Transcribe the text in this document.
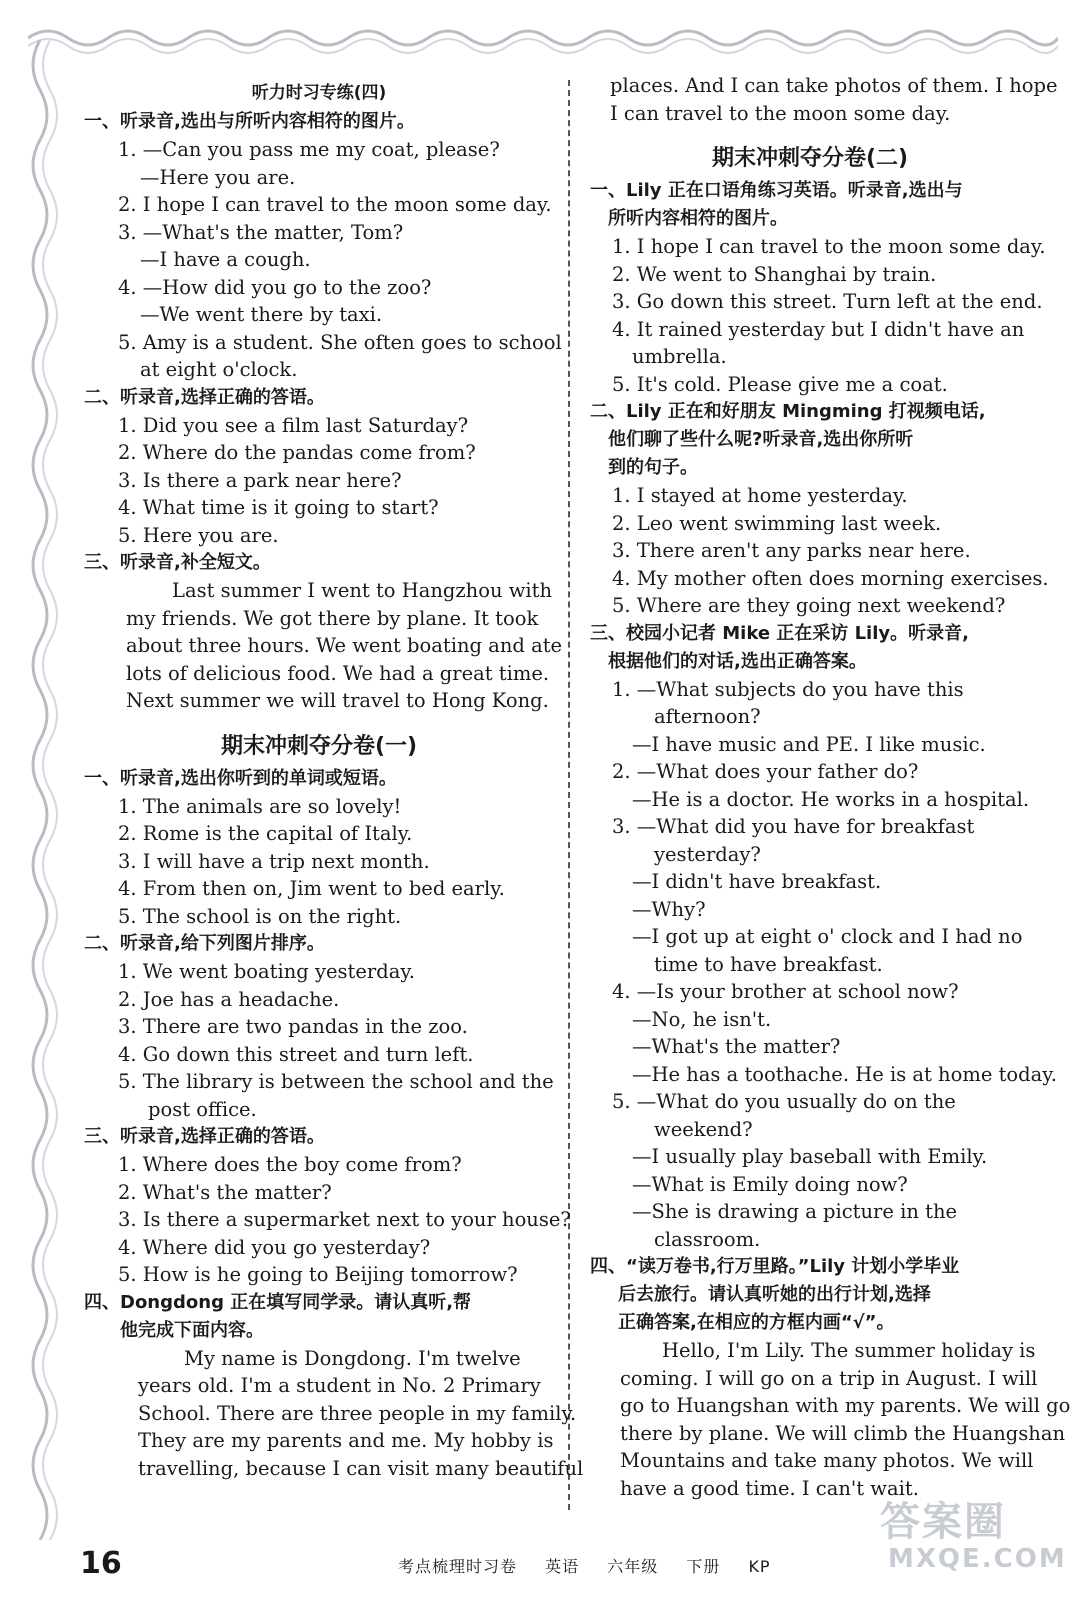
听力时习专练(四)
一、听录音,选出与所听内容相符的图片。
1. —Can you pass me my coat, please?
—Here you are.
2. I hope I can travel to the moon some day.
3. —What's the matter, Tom?
—I have a cough.
4. —How did you go to the zoo?
—We went there by taxi.
5. Amy is a student. She often goes to school
at eight o'clock.
二、听录音,选择正确的答语。
1. Did you see a film last Saturday?
2. Where do the pandas come from?
3. Is there a park near here?
4. What time is it going to start?
5. Here you are.
三、听录音,补全短文。
Last summer I went to Hangzhou with
my friends. We got there by plane. It took
about three hours. We went boating and ate
lots of delicious food. We had a great time.
Next summer we will travel to Hong Kong.
期末冲刺夺分卷(一)
一、听录音,选出你听到的单词或短语。
1. The animals are so lovely!
2. Rome is the capital of Italy.
3. I will have a trip next month.
4. From then on, Jim went to bed early.
5. The school is on the right.
二、听录音,给下列图片排序。
1. We went boating yesterday.
2. Joe has a headache.
3. There are two pandas in the zoo.
4. Go down this street and turn left.
5. The library is between the school and the
post office.
三、听录音,选择正确的答语。
1. Where does the boy come from?
2. What's the matter?
3. Is there a supermarket next to your house?
4. Where did you go yesterday?
5. How is he going to Beijing tomorrow?
四、Dongdong 正在填写同学录。请认真听,帮
他完成下面内容。
My name is Dongdong. I'm twelve
years old. I'm a student in No. 2 Primary
School. There are three people in my family.
They are my parents and me. My hobby is
travelling, because I can visit many beautiful
places. And I can take photos of them. I hope
I can travel to the moon some day.
期末冲刺夺分卷(二)
一、Lily 正在口语角练习英语。听录音,选出与
所听内容相符的图片。
1. I hope I can travel to the moon some day.
2. We went to Shanghai by train.
3. Go down this street. Turn left at the end.
4. It rained yesterday but I didn't have an
umbrella.
5. It's cold. Please give me a coat.
二、Lily 正在和好朋友 Mingming 打视频电话,
他们聊了些什么呢?听录音,选出你所听
到的句子。
1. I stayed at home yesterday.
2. Leo went swimming last week.
3. There aren't any parks near here.
4. My mother often does morning exercises.
5. Where are they going next weekend?
三、校园小记者 Mike 正在采访 Lily。听录音,
根据他们的对话,选出正确答案。
1. —What subjects do you have this
afternoon?
—I have music and PE. I like music.
2. —What does your father do?
—He is a doctor. He works in a hospital.
3. —What did you have for breakfast
yesterday?
—I didn't have breakfast.
—Why?
—I got up at eight o' clock and I had no
time to have breakfast.
4. —Is your brother at school now?
—No, he isn't.
—What's the matter?
—He has a toothache. He is at home today.
5. —What do you usually do on the
weekend?
—I usually play baseball with Emily.
—What is Emily doing now?
—She is drawing a picture in the
classroom.
四、“读万卷书,行万里路。”Lily 计划小学毕业
后去旅行。请认真听她的出行计划,选择
正确答案,在相应的方框内画“√”。
Hello, I'm Lily. The summer holiday is
coming. I will go on a trip in August. I will
go to Huangshan with my parents. We will go
there by plane. We will climb the Huangshan
Mountains and take many photos. We will
have a good time. I can't wait.
16	考点梳理时习卷 英语 六年级 下册 KP
答案圈
MXQE.COM
